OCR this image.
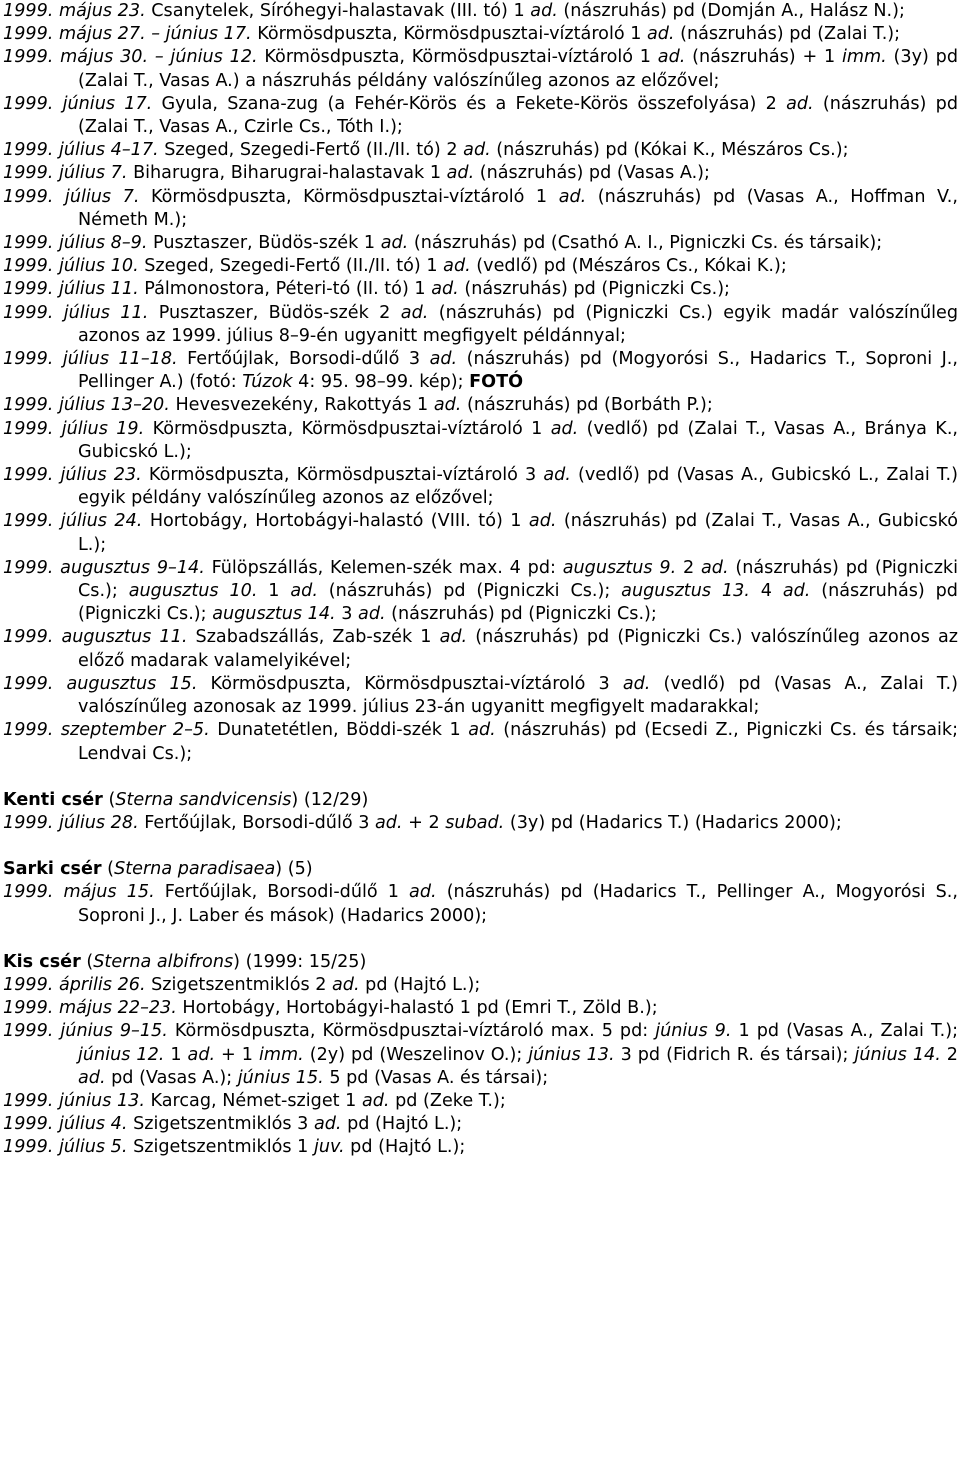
1999. május 23. Csanytelek, Síróhegyi-halastavak (III. tó) 1 ad. (nászruhás) pd (Domján A., Halász N.);

1999. május 27. – június 17. Körmösdpuszta, Körmösdpusztai-víztároló 1 ad. (nászruhás) pd (Zalai T.);

1999. május 30. – június 12. Körmösdpuszta, Körmösdpusztai-víztároló 1 ad. (nászruhás) + 1 imm. (3y) pd (Zalai T., Vasas A.) a nászruhás példány valószínűleg azonos az előzővel;

1999. június 17. Gyula, Szana-zug (a Fehér-Körös és a Fekete-Körös összefolyása) 2 ad. (nászruhás) pd (Zalai T., Vasas A., Czirle Cs., Tóth I.);

1999. július 4–17. Szeged, Szegedi-Fertő (II./II. tó) 2 ad. (nászruhás) pd (Kókai K., Mészáros Cs.);

1999. július 7. Biharugra, Biharugrai-halastavak 1 ad. (nászruhás) pd (Vasas A.);

1999. július 7. Körmösdpuszta, Körmösdpusztai-víztároló 1 ad. (nászruhás) pd (Vasas A., Hoffman V., Németh M.);

1999. július 8–9. Pusztaszer, Büdös-szék 1 ad. (nászruhás) pd (Csathó A. I., Pigniczki Cs. és társaik);

1999. július 10. Szeged, Szegedi-Fertő (II./II. tó) 1 ad. (vedlő) pd (Mészáros Cs., Kókai K.);

1999. július 11. Pálmonostora, Péteri-tó (II. tó) 1 ad. (nászruhás) pd (Pigniczki Cs.);

1999. július 11. Pusztaszer, Büdös-szék 2 ad. (nászruhás) pd (Pigniczki Cs.) egyik madár valószínűleg azonos az 1999. július 8–9-én ugyanitt megfigyelt példánnyal;

1999. július 11–18. Fertőújlak, Borsodi-dűlő 3 ad. (nászruhás) pd (Mogyorósi S., Hadarics T., Soproni J., Pellinger A.) (fotó: Túzok 4: 95. 98–99. kép); FOTÓ

1999. július 13–20. Hevesvezekény, Rakottyás 1 ad. (nászruhás) pd (Borbáth P.);

1999. július 19. Körmösdpuszta, Körmösdpusztai-víztároló 1 ad. (vedlő) pd (Zalai T., Vasas A., Bránya K., Gubicskó L.);

1999. július 23. Körmösdpuszta, Körmösdpusztai-víztároló 3 ad. (vedlő) pd (Vasas A., Gubicskó L., Zalai T.) egyik példány valószínűleg azonos az előzővel;

1999. július 24. Hortobágy, Hortobágyi-halastó (VIII. tó) 1 ad. (nászruhás) pd (Zalai T., Vasas A., Gubicskó L.);

1999. augusztus 9–14. Fülöpszállás, Kelemen-szék max. 4 pd: augusztus 9. 2 ad. (nászruhás) pd (Pigniczki Cs.); augusztus 10. 1 ad. (nászruhás) pd (Pigniczki Cs.); augusztus 13. 4 ad. (nászruhás) pd (Pigniczki Cs.); augusztus 14. 3 ad. (nászruhás) pd (Pigniczki Cs.);

1999. augusztus 11. Szabadszállás, Zab-szék 1 ad. (nászruhás) pd (Pigniczki Cs.) valószínűleg azonos az előző madarak valamelyikével;

1999. augusztus 15. Körmösdpuszta, Körmösdpusztai-víztároló 3 ad. (vedlő) pd (Vasas A., Zalai T.) valószínűleg azonosak az 1999. július 23-án ugyanitt megfigyelt madarakkal;

1999. szeptember 2–5. Dunatetétlen, Böddi-szék 1 ad. (nászruhás) pd (Ecsedi Z., Pigniczki Cs. és társaik; Lendvai Cs.);

Kenti csér (Sterna sandvicensis) (12/29)

1999. július 28. Fertőújlak, Borsodi-dűlő 3 ad. + 2 subad. (3y) pd (Hadarics T.) (Hadarics 2000);

Sarki csér (Sterna paradisaea) (5)

1999. május 15. Fertőújlak, Borsodi-dűlő 1 ad. (nászruhás) pd (Hadarics T., Pellinger A., Mogyorósi S., Soproni J., J. Laber és mások) (Hadarics 2000);

Kis csér (Sterna albifrons) (1999: 15/25)

1999. április 26. Szigetszentmiklós 2 ad. pd (Hajtó L.);

1999. május 22–23. Hortobágy, Hortobágyi-halastó 1 pd (Emri T., Zöld B.);

1999. június 9–15. Körmösdpuszta, Körmösdpusztai-víztároló max. 5 pd: június 9. 1 pd (Vasas A., Zalai T.); június 12. 1 ad. + 1 imm. (2y) pd (Weszelinov O.); június 13. 3 pd (Fidrich R. és társai); június 14. 2 ad. pd (Vasas A.); június 15. 5 pd (Vasas A. és társai);

1999. június 13. Karcag, Német-sziget 1 ad. pd (Zeke T.);

1999. július 4. Szigetszentmiklós 3 ad. pd (Hajtó L.);

1999. július 5. Szigetszentmiklós 1 juv. pd (Hajtó L.);
